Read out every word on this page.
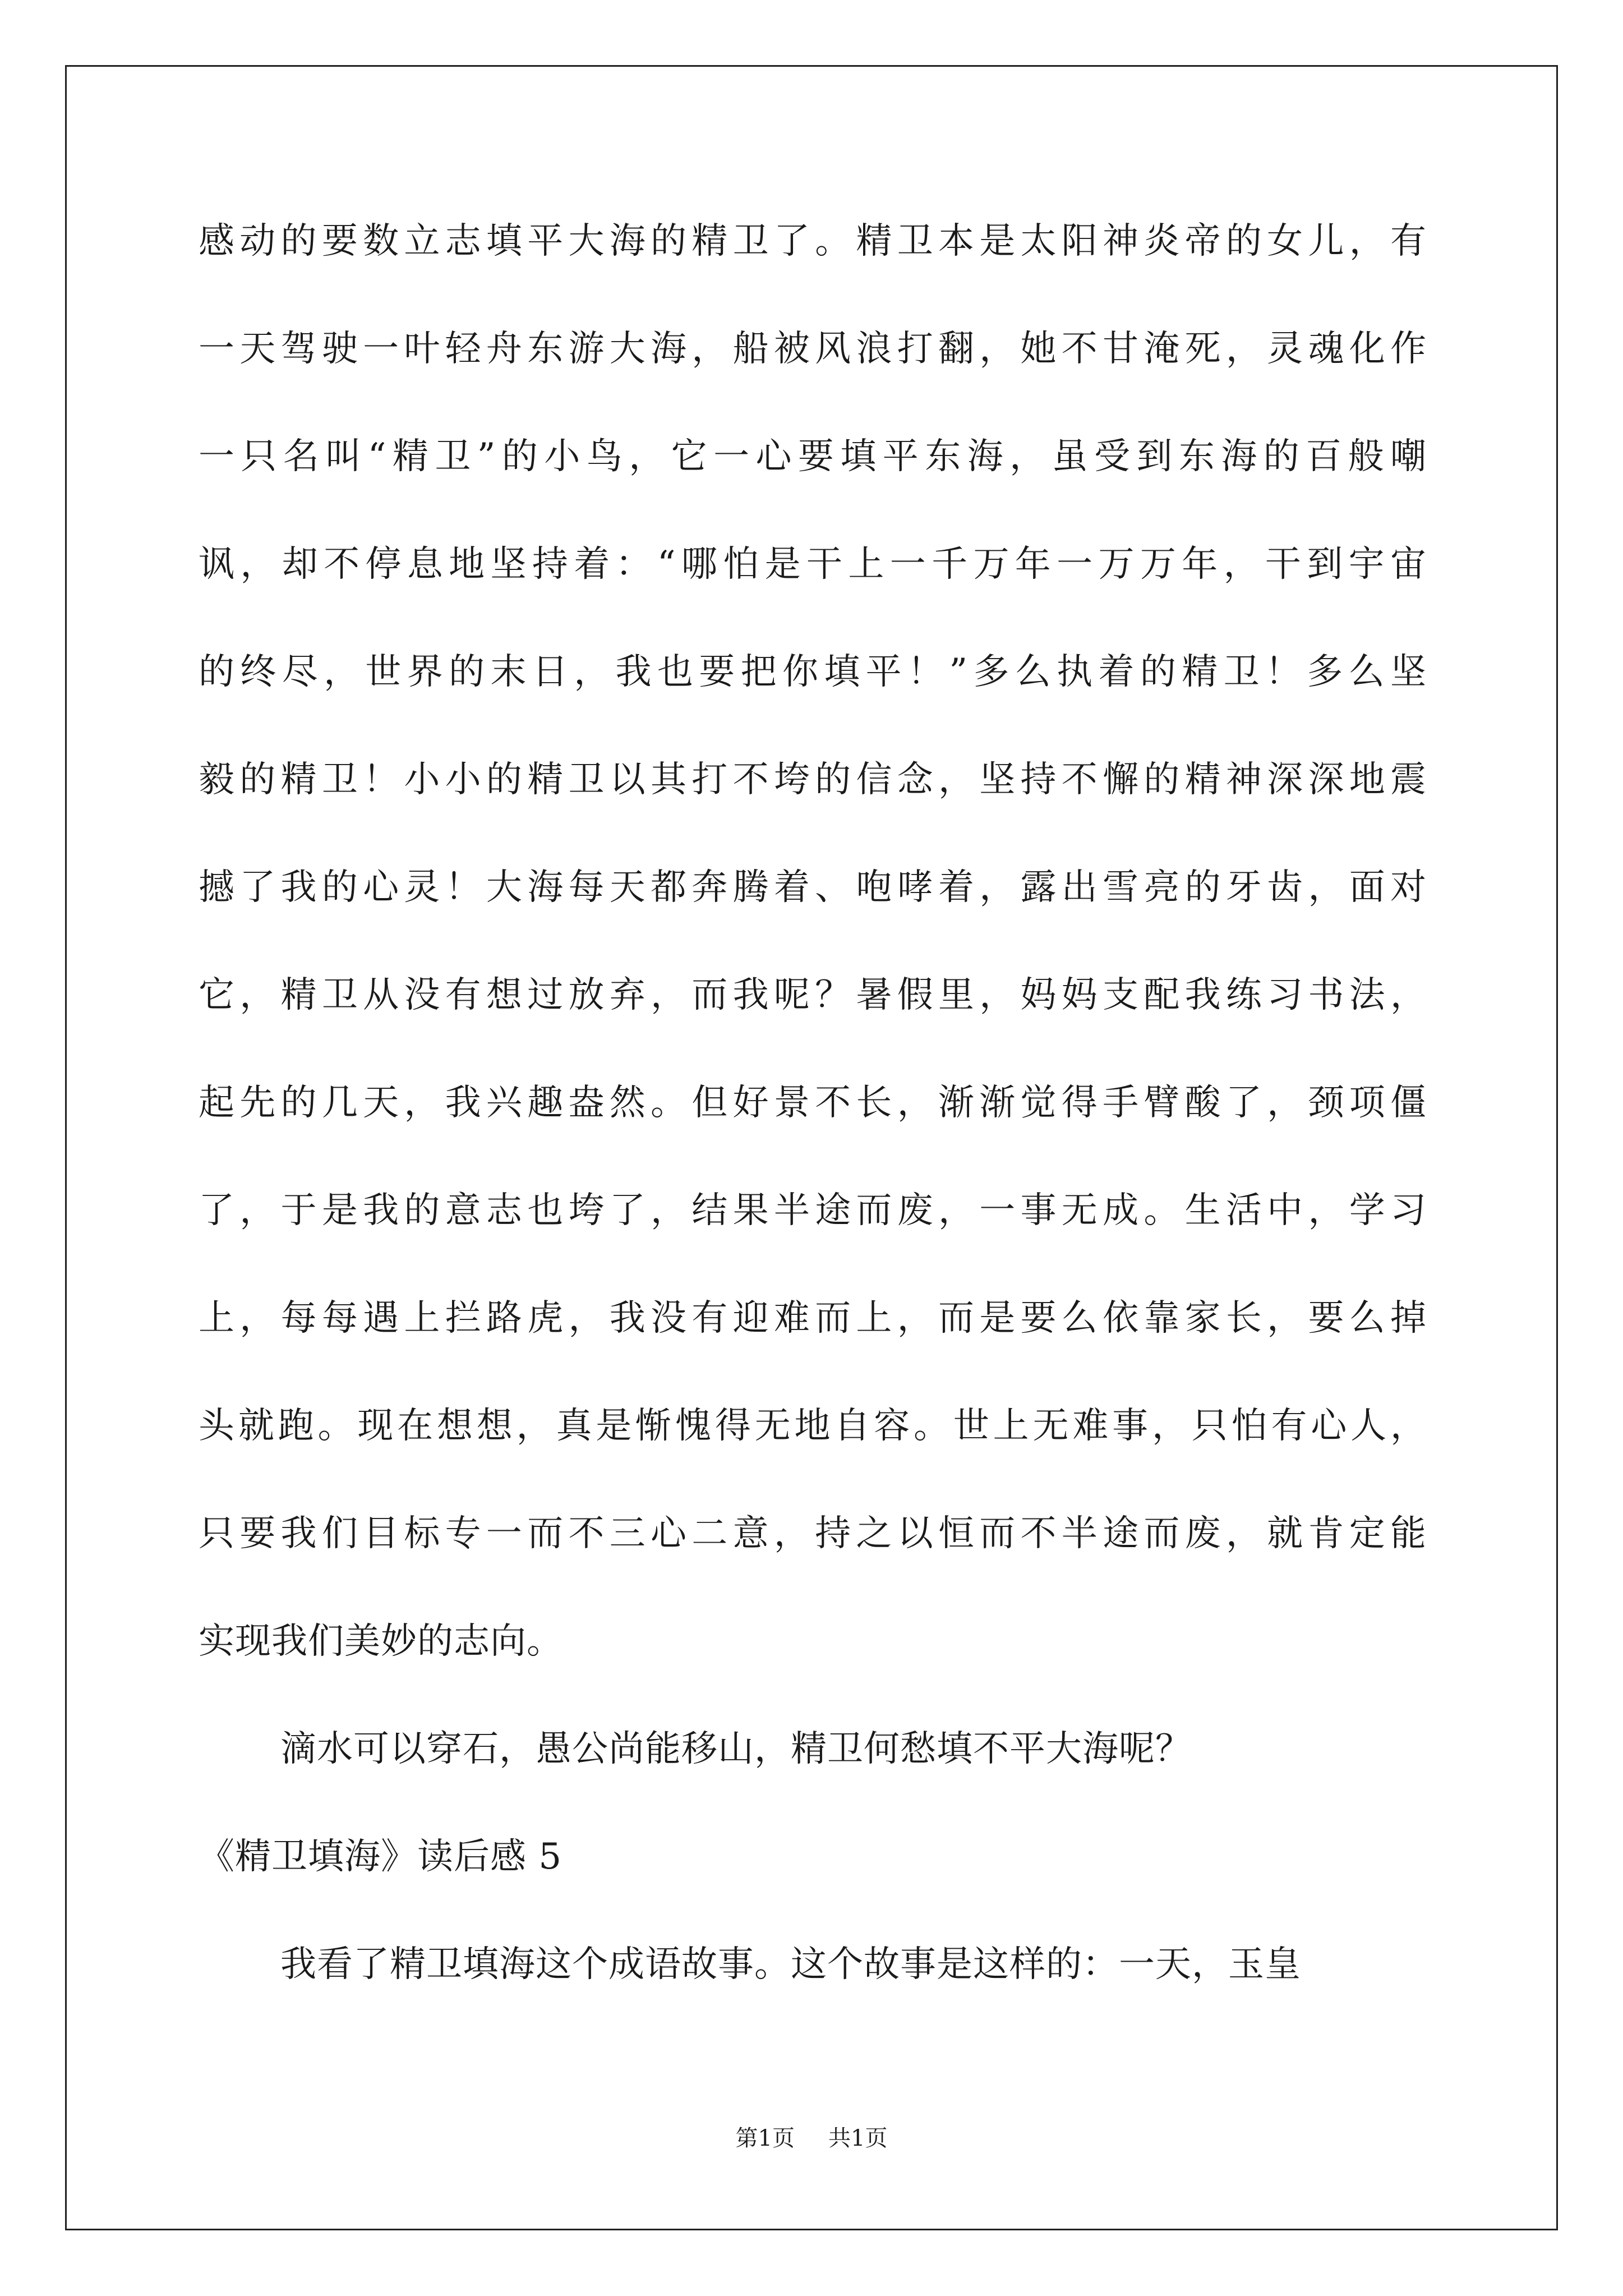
感动的要数立志填平大海的精卫了。精卫本是太阳神炎帝的女儿，有
一天驾驶一叶轻舟东游大海，船被风浪打翻，她不甘淹死，灵魂化作
一只名叫“精卫”的小鸟，它一心要填平东海，虽受到东海的百般嘲
讽，却不停息地坚持着：“哪怕是干上一千万年一万万年，干到宇宙
的终尽，世界的末日，我也要把你填平！”多么执着的精卫！多么坚
毅的精卫！小小的精卫以其打不垮的信念，坚持不懈的精神深深地震
撼了我的心灵！大海每天都奔腾着、咆哮着，露出雪亮的牙齿，面对
它，精卫从没有想过放弃，而我呢？暑假里，妈妈支配我练习书法，
起先的几天，我兴趣盎然。但好景不长，渐渐觉得手臂酸了，颈项僵
了，于是我的意志也垮了，结果半途而废，一事无成。生活中，学习
上，每每遇上拦路虎，我没有迎难而上，而是要么依靠家长，要么掉
头就跑。现在想想，真是惭愧得无地自容。世上无难事，只怕有心人，
只要我们目标专一而不三心二意，持之以恒而不半途而废，就肯定能
实现我们美妙的志向。
滴水可以穿石，愚公尚能移山，精卫何愁填不平大海呢？
《精卫填海》读后感 5
我看了精卫填海这个成语故事。这个故事是这样的：一天，玉皇
第1页 共1页
